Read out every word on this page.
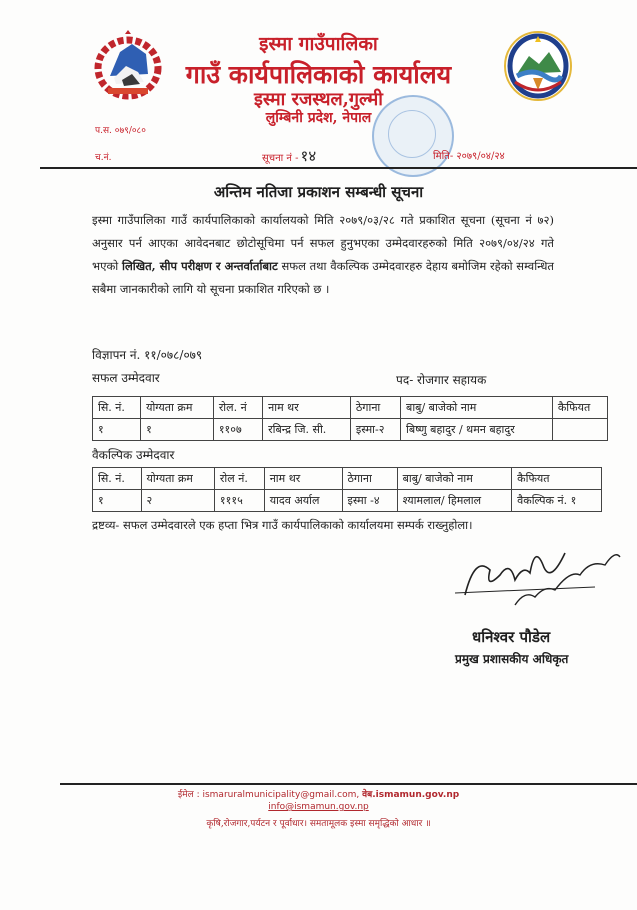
इस्मा गाउँपालिका
गाउँ कार्यपालिकाको कार्यालय
इस्मा रजस्थल,गुल्मी
लुम्बिनी प्रदेश, नेपाल
प.स. ०७९/०८०
च.नं.	सूचना नं - १४	मिति- २०७९/०४/२४
अन्तिम नतिजा प्रकाशन सम्बन्धी सूचना
इस्मा गाउँपालिका गाउँ कार्यपालिकाको कार्यालयको मिति २०७९/०३/२८ गते प्रकाशित सूचना (सूचना नं ७२) अनुसार पर्न आएका आवेदनबाट छोटोसूचिमा पर्न सफल हुनुभएका उम्मेदवारहरुको मिति २०७९/०४/२४ गते भएको लिखित, सीप परीक्षण र अन्तर्वार्ताबाट सफल तथा वैकल्पिक उम्मेदवारहरु देहाय बमोजिम रहेको सम्वन्धित सबैमा जानकारीको लागि यो सूचना प्रकाशित गरिएको छ ।
विज्ञापन नं. ११/०७८/०७९
सफल उम्मेदवार	पद- रोजगार सहायक
सि. नं.	योग्यता क्रम	रोल. नं	नाम थर	ठेगाना	बाबु/ बाजेको नाम	कैफियत
१	१	११०७	रबिन्द्र जि. सी.	इस्मा-२	बिष्णु बहादुर / थमन बहादुर	
वैकल्पिक उम्मेदवार
सि. नं.	योग्यता क्रम	रोल नं.	नाम थर	ठेगाना	बाबु/ बाजेको नाम	कैफियत
१	२	१११५	यादव अर्याल	इस्मा -४	श्यामलाल/ हिमलाल	वैकल्पिक नं. १
द्रष्टव्य- सफल उम्मेदवारले एक हप्ता भित्र गाउँ कार्यपालिकाको कार्यालयमा सम्पर्क राख्नुहोला।
धनिश्वर पौडेल
प्रमुख प्रशासकीय अधिकृत
ईमेल : ismaruralmunicipality@gmail.com, वेब.ismamun.gov.np
info@ismamun.gov.np
कृषि,रोजगार,पर्यटन र पूर्वाधार। समतामूलक इस्मा समृद्धिको आधार ॥
